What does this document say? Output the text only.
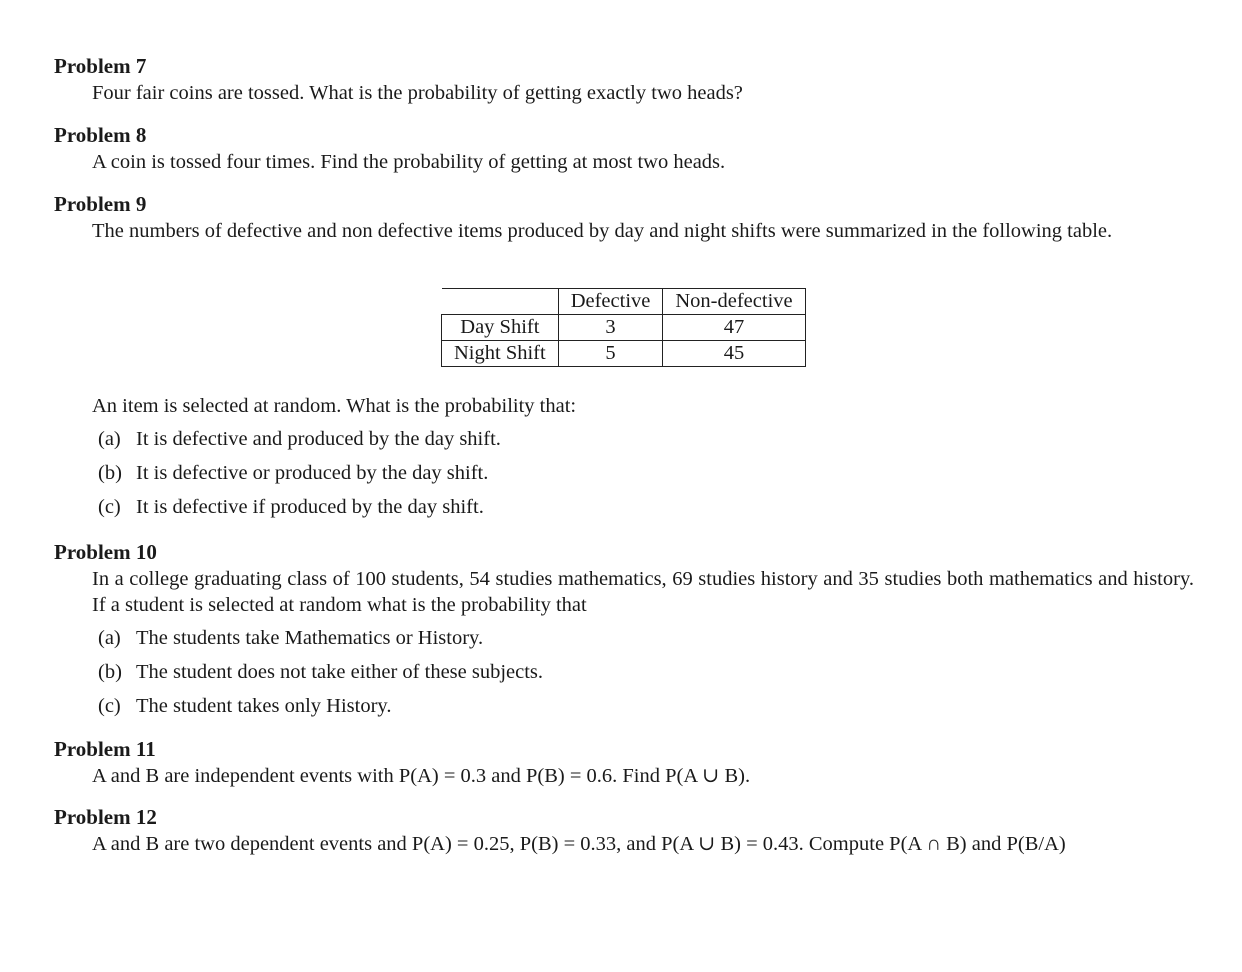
Problem 7
Four fair coins are tossed. What is the probability of getting exactly two heads?
Problem 8
A coin is tossed four times. Find the probability of getting at most two heads.
Problem 9
The numbers of defective and non defective items produced by day and night shifts were summarized in the following table.
	Defective	Non-defective
Day Shift	3	47
Night Shift	5	45
An item is selected at random. What is the probability that:
(a) It is defective and produced by the day shift.
(b) It is defective or produced by the day shift.
(c) It is defective if produced by the day shift.
Problem 10
In a college graduating class of 100 students, 54 studies mathematics, 69 studies history and 35 studies both mathematics and history. If a student is selected at random what is the probability that
(a) The students take Mathematics or History.
(b) The student does not take either of these subjects.
(c) The student takes only History.
Problem 11
A and B are independent events with P(A) = 0.3 and P(B) = 0.6. Find P(A ∪ B).
Problem 12
A and B are two dependent events and P(A) = 0.25, P(B) = 0.33, and P(A ∪ B) = 0.43. Compute P(A ∩ B) and P(B/A)
